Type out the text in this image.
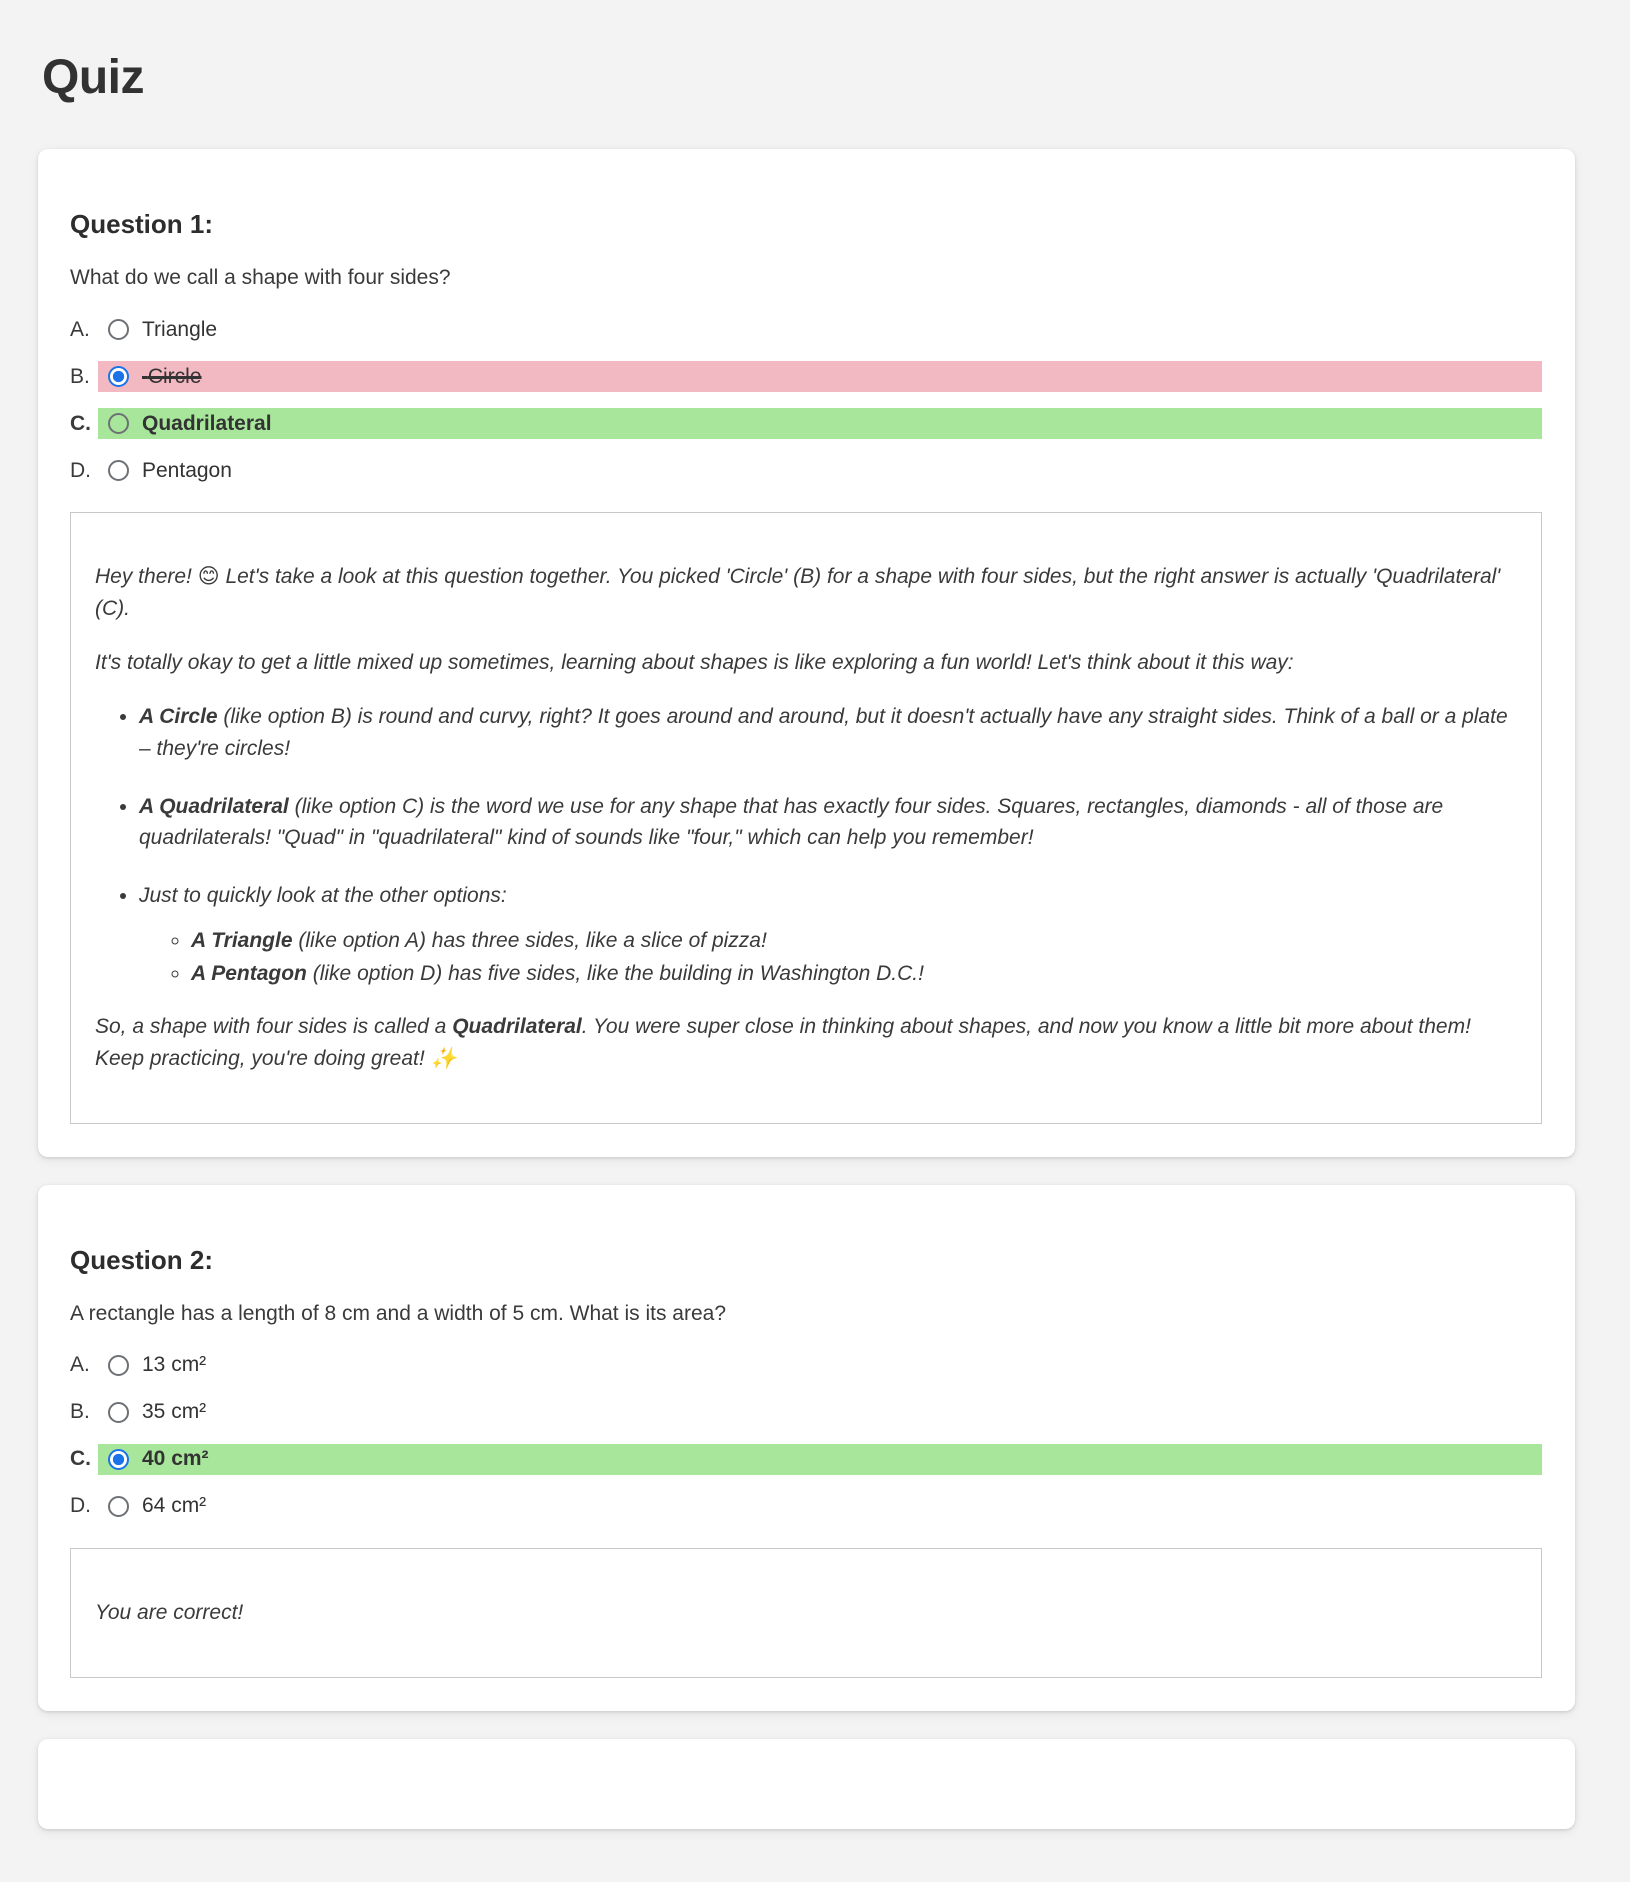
Quiz
Question 1:

What do we call a shape with four sides?

A.	Triangle
B.	Circle
C.	Quadrilateral
D.	Pentagon

Hey there! 😊 Let's take a look at this question together. You picked 'Circle' (B) for a shape with four sides, but the right answer is actually 'Quadrilateral' (C).

It's totally okay to get a little mixed up sometimes, learning about shapes is like exploring a fun world! Let's think about it this way:

• A Circle (like option B) is round and curvy, right? It goes around and around, but it doesn't actually have any straight sides. Think of a ball or a plate – they're circles!
• A Quadrilateral (like option C) is the word we use for any shape that has exactly four sides. Squares, rectangles, diamonds - all of those are quadrilaterals! "Quad" in "quadrilateral" kind of sounds like "four," which can help you remember!
• Just to quickly look at the other options:
◦ A Triangle (like option A) has three sides, like a slice of pizza!
◦ A Pentagon (like option D) has five sides, like the building in Washington D.C.!

So, a shape with four sides is called a Quadrilateral. You were super close in thinking about shapes, and now you know a little bit more about them! Keep practicing, you're doing great! ✨

Question 2:

A rectangle has a length of 8 cm and a width of 5 cm. What is its area?

A.	13 cm²
B.	35 cm²
C.	40 cm²
D.	64 cm²

You are correct!
